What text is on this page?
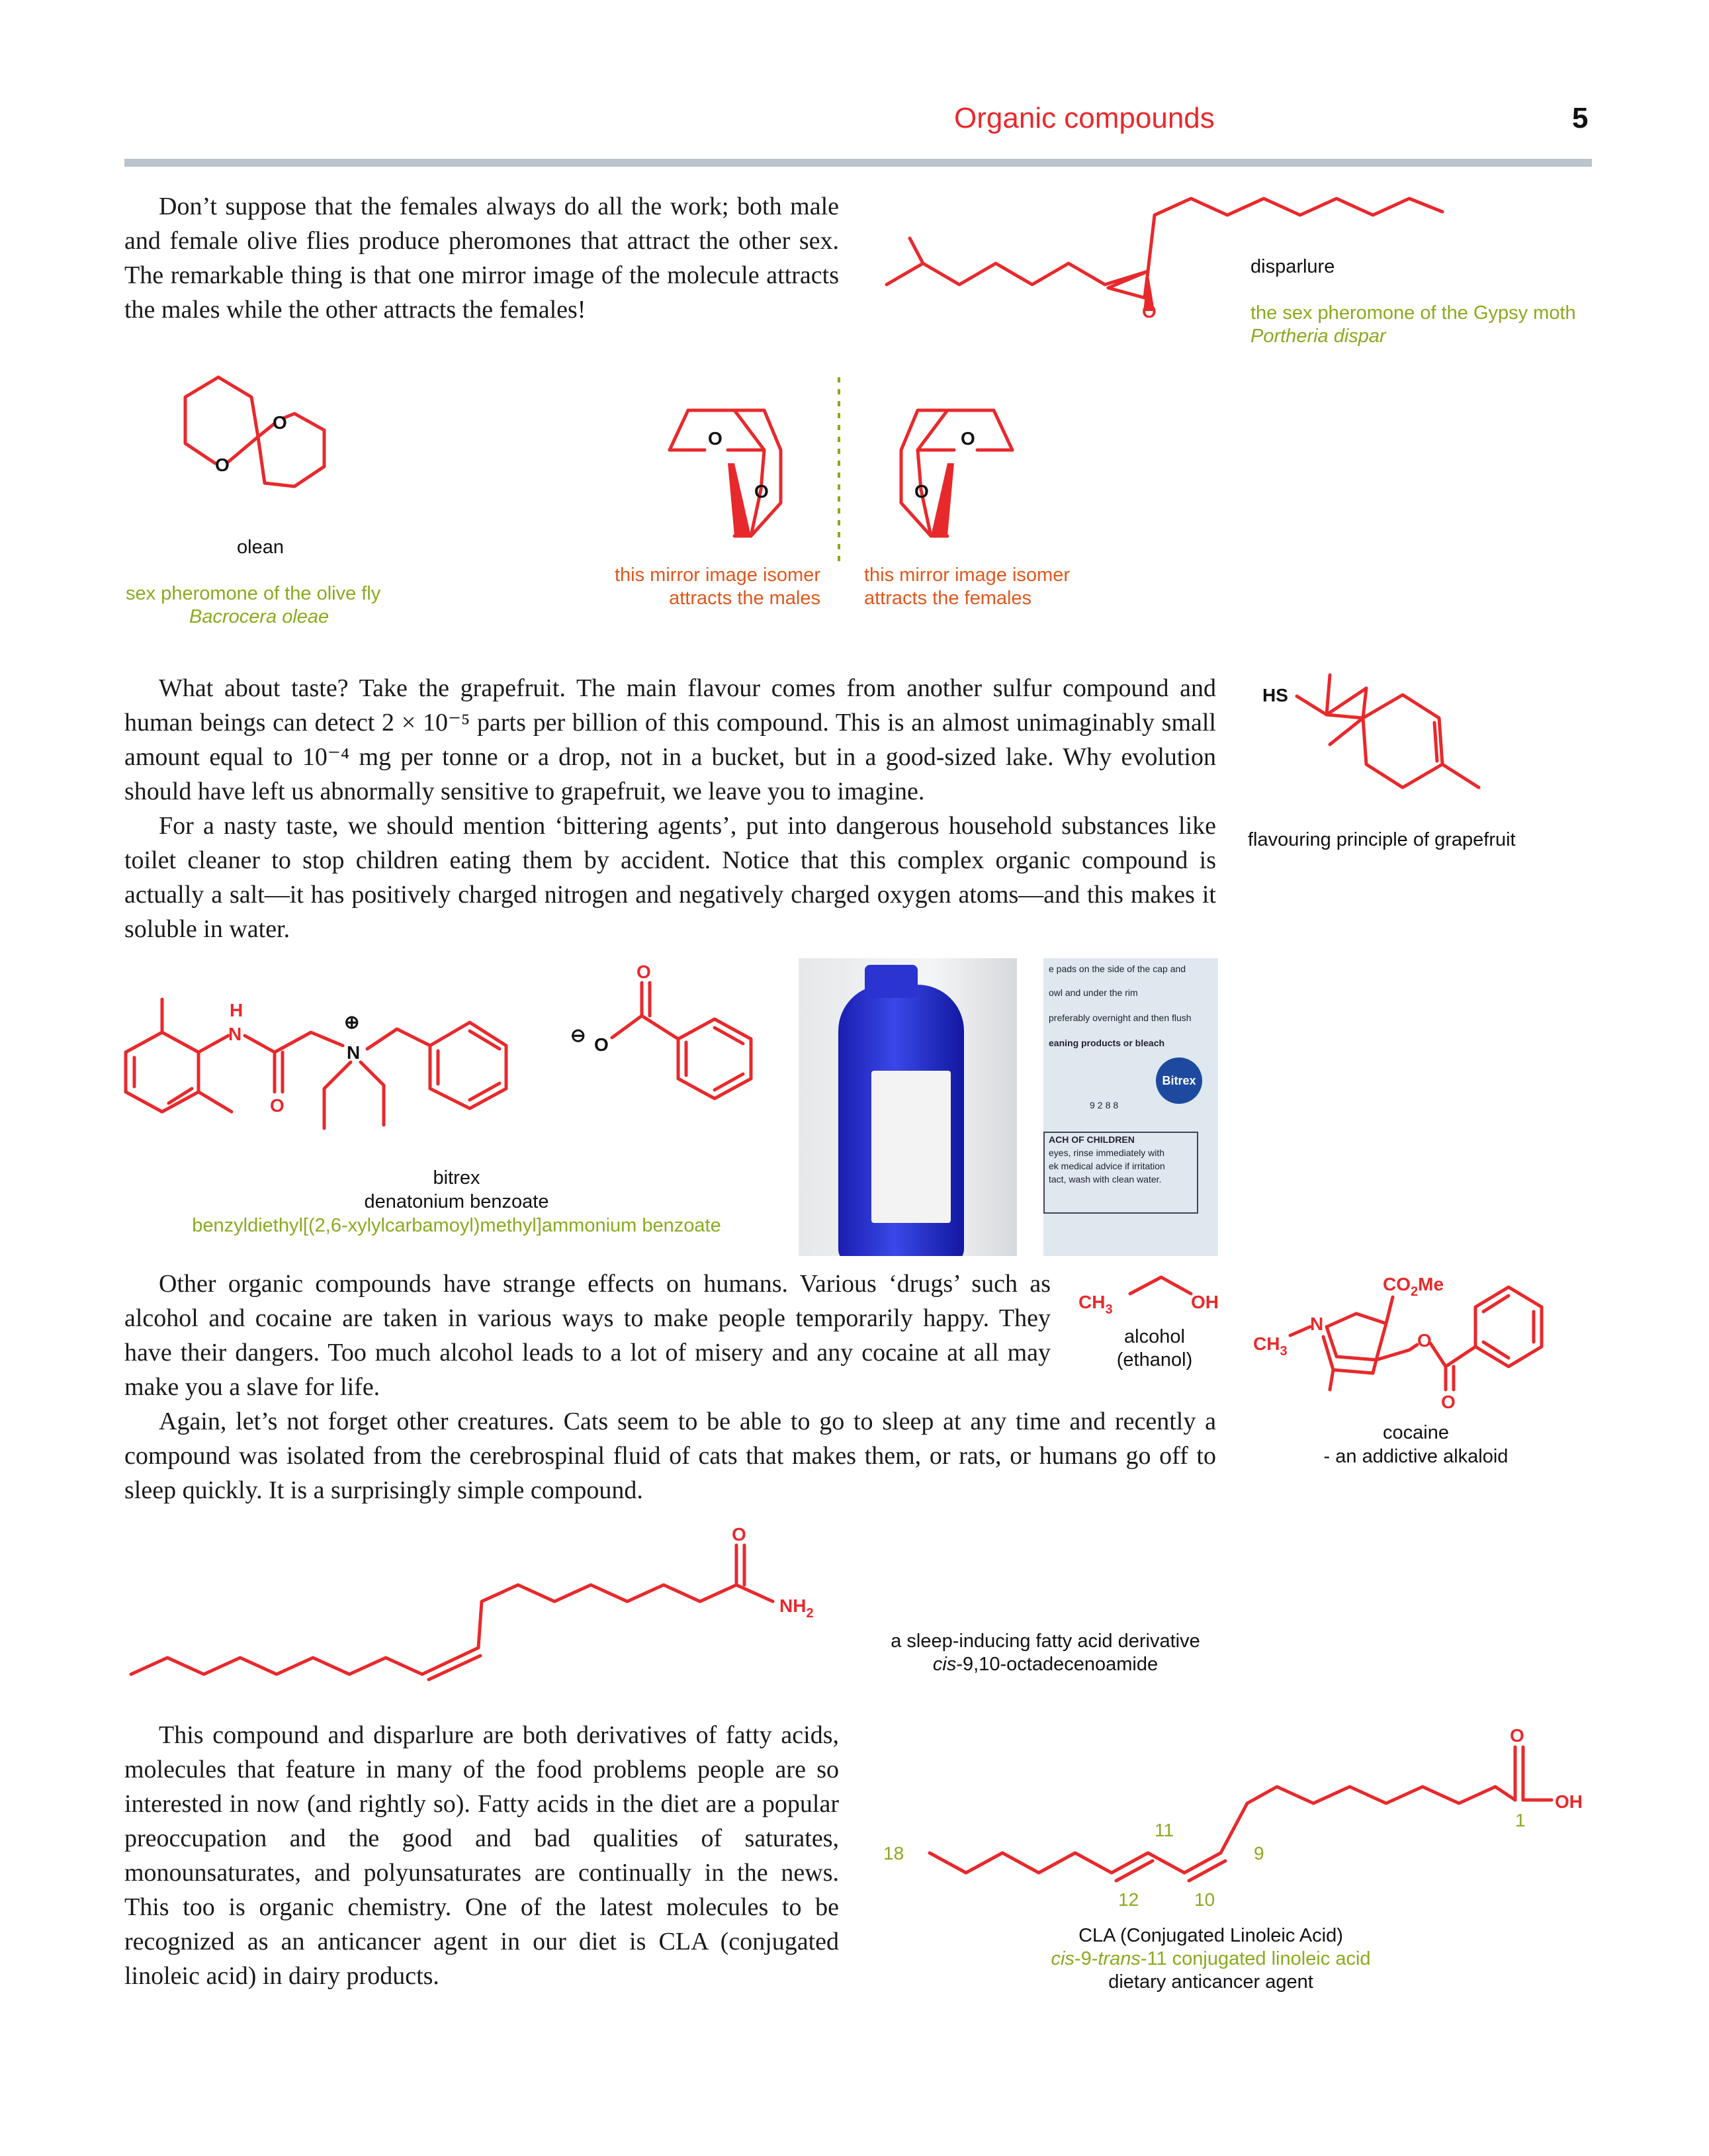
Organic compounds	5

Don’t suppose that the females always do all the work; both male and female olive flies produce pheromones that attract the other sex. The remarkable thing is that one mirror image of the molecule attracts the males while the other attracts the females!	O
disparlure
the sex pheromone of the Gypsy moth
Portheria dispar
O
O
olean
sex pheromone of the olive fly
Bacrocera oleae
O
O
O
O
this mirror image isomer
attracts the males
this mirror image isomer
attracts the females

What about taste? Take the grapefruit. The main flavour comes from another sulfur compound and human beings can detect 2 × 10⁻⁵ parts per billion of this compound. This is an almost unimaginably small amount equal to 10⁻⁴ mg per tonne or a drop, not in a bucket, but in a good-sized lake. Why evolution should have left us abnormally sensitive to grapefruit, we leave you to imagine.

For a nasty taste, we should mention ‘bittering agents’, put into dangerous household substances like toilet cleaner to stop children eating them by accident. Notice that this complex organic compound is actually a salt—it has positively charged nitrogen and negatively charged oxygen atoms—and this makes it soluble in water.

HS
flavouring principle of grapefruit
N
H
O
N
⊕
⊖ O
O	e pads on the side of the cap and
owl and under the rim
preferably overnight and then flush
eaning products or bleach
Bitrex
9288
ACH OF CHILDREN
eyes, rinse immediately with
ek medical advice if irritation
tact, wash with clean water.
bitrex
denatonium benzoate
benzyldiethyl[(2,6-xylylcarbamoyl)methyl]ammonium benzoate

Other organic compounds have strange effects on humans. Various ‘drugs’ such as alcohol and cocaine are taken in various ways to make people temporarily happy. They have their dangers. Too much alcohol leads to a lot of misery and any cocaine at all may make you a slave for life.

Again, let’s not forget other creatures. Cats seem to be able to go to sleep at any time and recently a compound was isolated from the cerebrospinal fluid of cats that makes them, or rats, or humans go off to sleep quickly. It is a surprisingly simple compound.

$CH_3$	OH
alcohol
(ethanol)
$CO_2Me$
$CH_3$
N
O
O
cocaine
- an addictive alkaloid
O
$NH_2$
a sleep-inducing fatty acid derivative
cis-9,10-octadecenoamide

This compound and disparlure are both derivatives of fatty acids, molecules that feature in many of the food problems people are so interested in now (and rightly so). Fatty acids in the diet are a popular preoccupation and the good and bad qualities of saturates, monounsaturates, and polyunsaturates are continually in the news. This too is organic chemistry. One of the latest molecules to be recognized as an anticancer agent in our diet is CLA (conjugated linoleic acid) in dairy products.

O
OH
18
11
9
12	10
1
CLA (Conjugated Linoleic Acid)
cis-9-trans-11 conjugated linoleic acid
dietary anticancer agent
